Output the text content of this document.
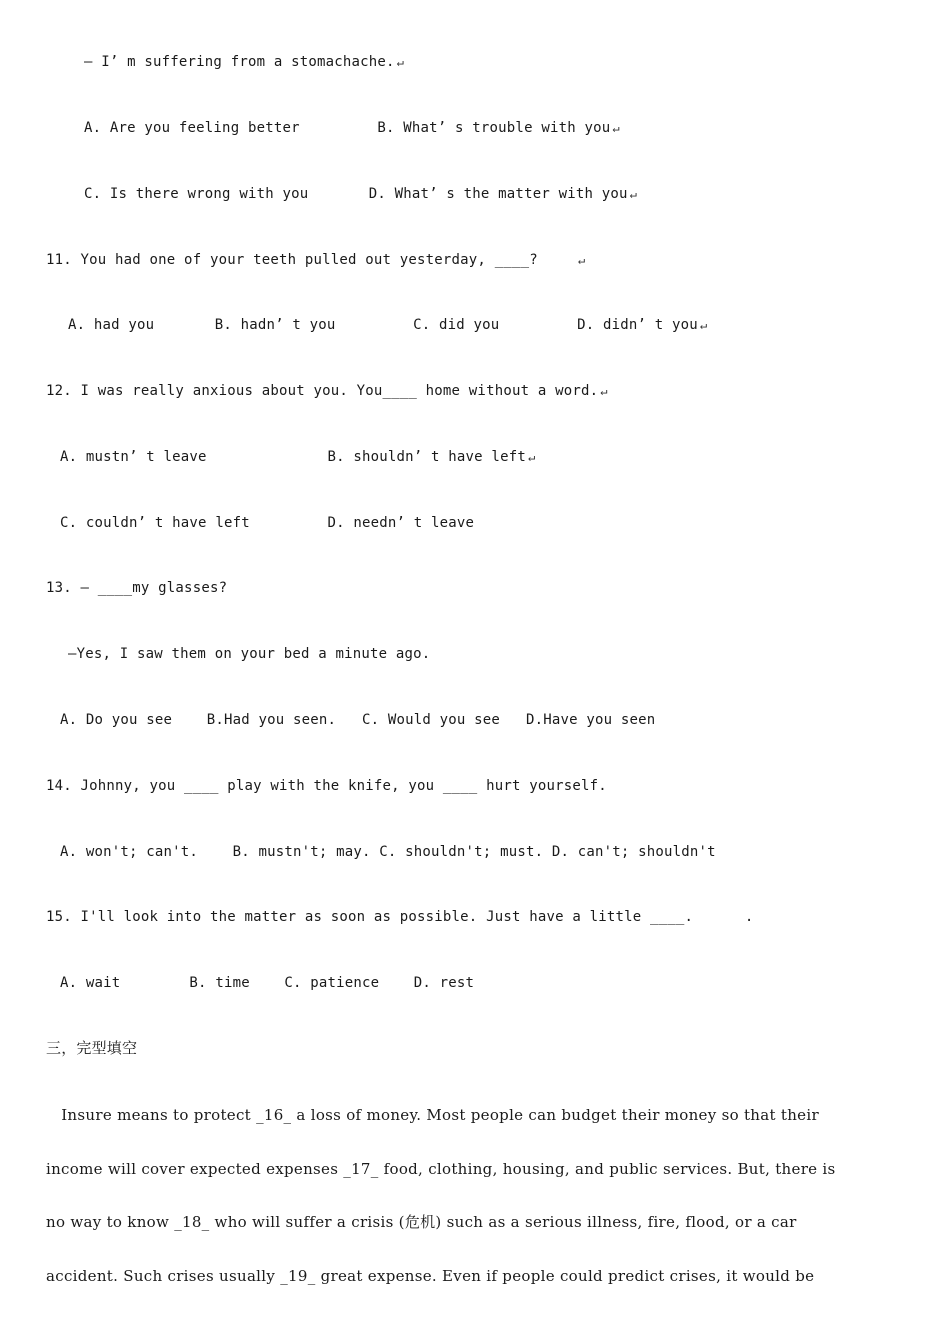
— I’ m suffering from a stomachache. ↵
A. Are you feeling better         B. What’ s trouble with you ↵
C. Is there wrong with you       D. What’ s the matter with you ↵
11. You had one of your teeth pulled out yesterday, ____?	↵
A. had you       B. hadn’ t you         C. did you         D. didn’ t you ↵
12. I was really anxious about you. You____ home without a word. ↵
A. mustn’ t leave              B. shouldn’ t have left ↵
C. couldn’ t have left         D. needn’ t leave
13. — ____my glasses?
—Yes, I saw them on your bed a minute ago.
A. Do you see    B.Had you seen.   C. Would you see   D.Have you seen
14. Johnny, you ____ play with the knife, you ____ hurt yourself.
A. won't; can't.    B. mustn't; may. C. shouldn't; must. D. can't; shouldn't
15. I'll look into the matter as soon as possible. Just have a little ____.      .
A. wait        B. time    C. patience    D. rest
三，完型填空
Insure means to protect _16_ a loss of money. Most people can budget their money so that their
income will cover expected expenses _17_ food, clothing, housing, and public services. But, there is
no way to know _18_ who will suffer a crisis (危机) such as a serious illness, fire, flood, or a car
accident. Such crises usually _19_ great expense. Even if people could predict crises, it would be
